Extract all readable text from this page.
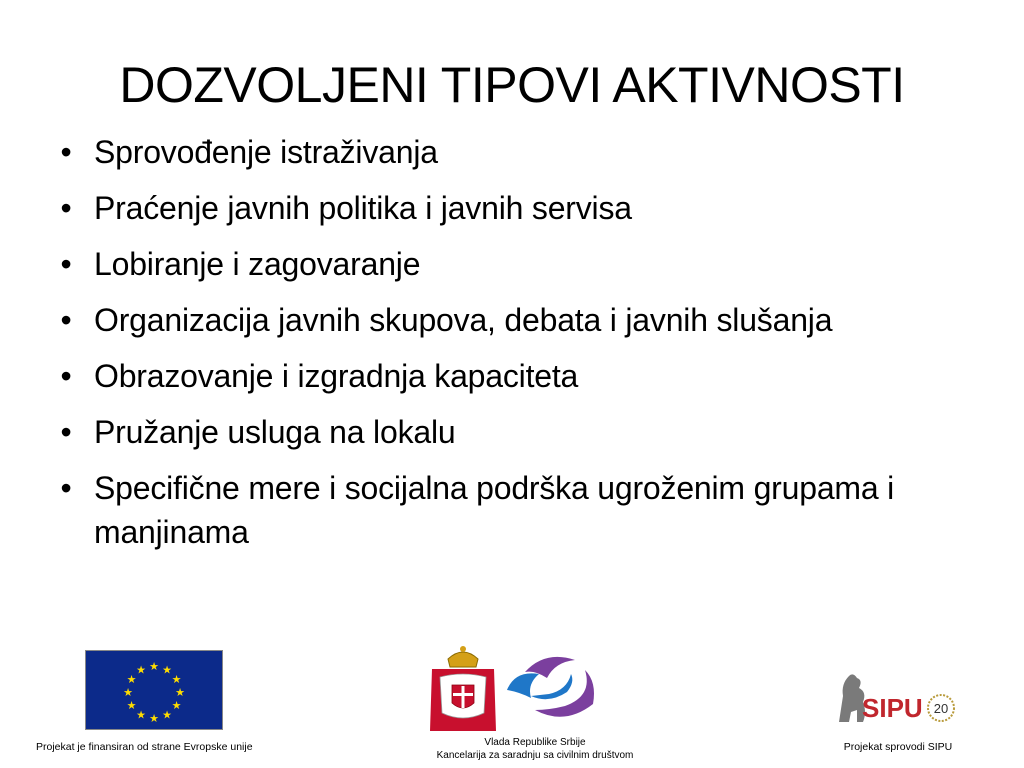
DOZVOLJENI TIPOVI AKTIVNOSTI
• Sprovođenje istraživanja
• Praćenje javnih politika i javnih servisa
• Lobiranje i zagovaranje
• Organizacija javnih skupova, debata i javnih slušanja
• Obrazovanje i izgradnja kapaciteta
• Pružanje usluga na lokalu
• Specifične mere i socijalna podrška ugroženim grupama i manjinama
★ ★
★
★
★
★
★
★
★
★
★
★
Projekat je finansiran od strane Evropske unije	Vlada Republike Srbije
Kancelarija za saradnju sa civilnim društvom
SIPU 20
Projekat sprovodi SIPU
